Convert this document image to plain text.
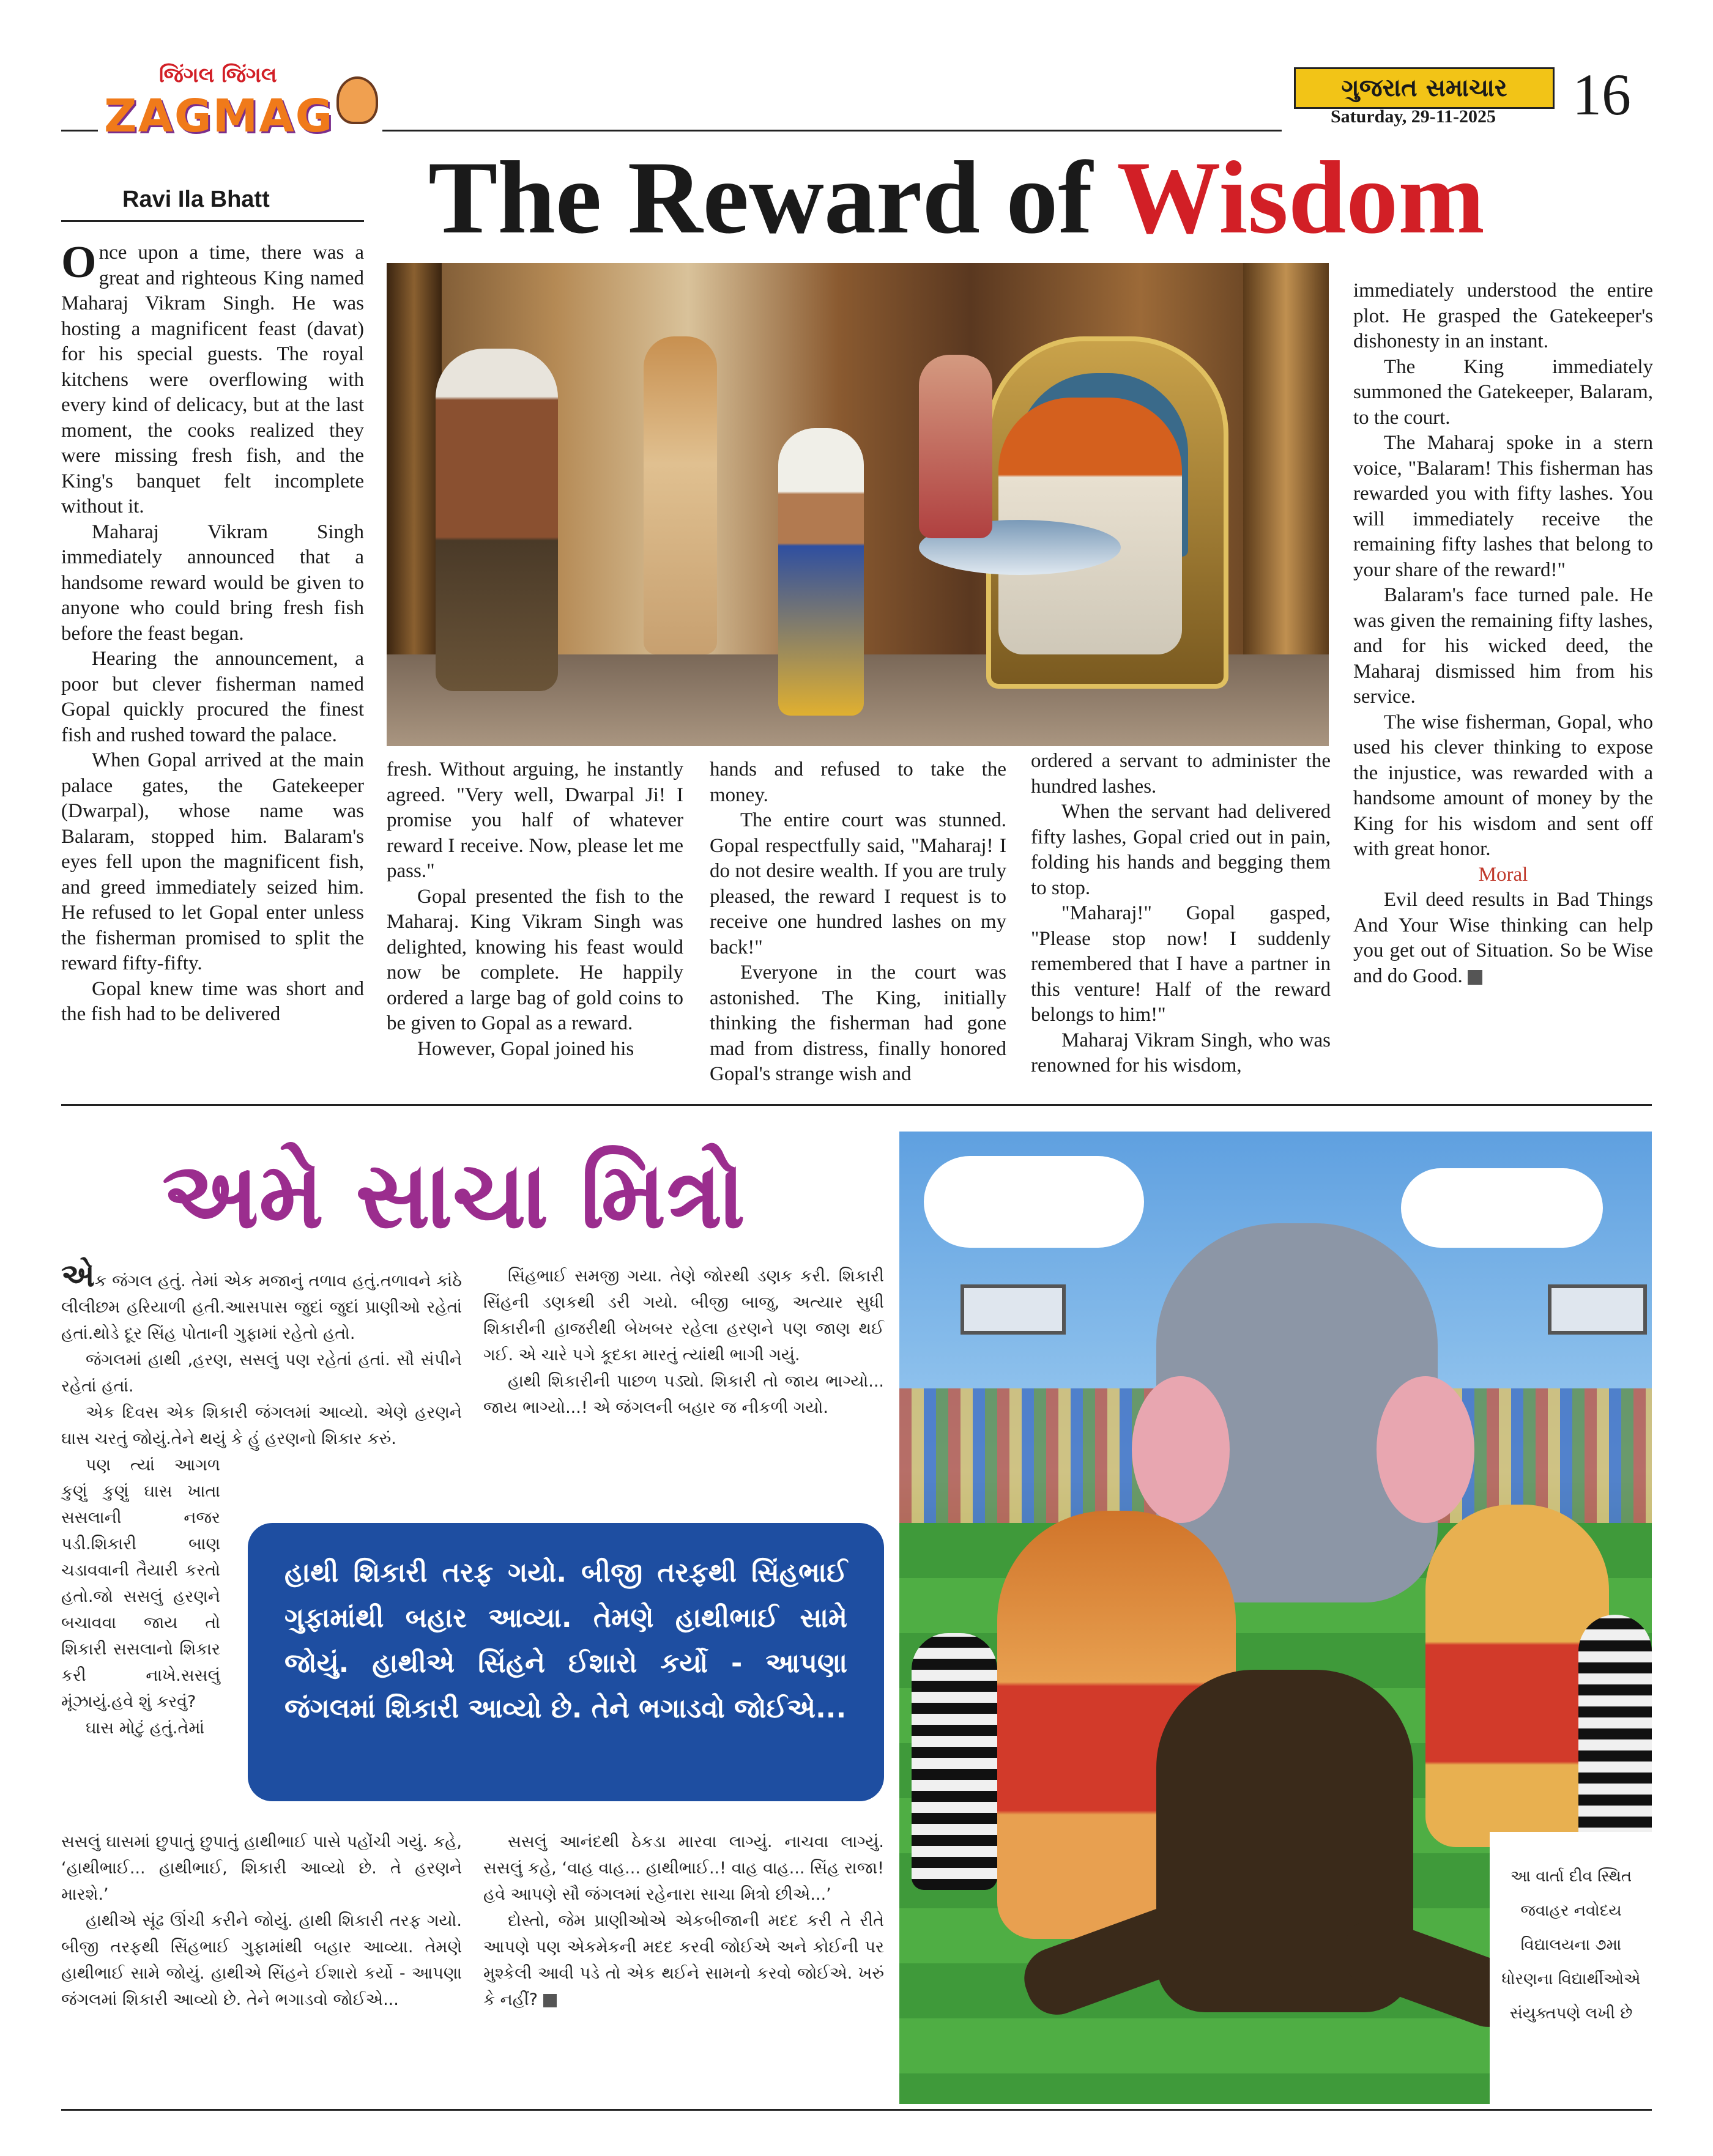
જિંગલ જિંગલ
ZAGMAG
ગુજરાત સમાચાર
Saturday, 29-11-2025 16
Ravi Ila Bhatt The Reward of Wisdom

Once upon a time, there was a great and righteous King named Maharaj Vikram Singh. He was hosting a magnificent feast (davat) for his special guests. The royal kitchens were overflowing with every kind of delicacy, but at the last moment, the cooks realized they were missing fresh fish, and the King's banquet felt incomplete without it.

Maharaj Vikram Singh immediately announced that a handsome reward would be given to anyone who could bring fresh fish before the feast began.

Hearing the announcement, a poor but clever fisherman named Gopal quickly procured the finest fish and rushed toward the palace.

When Gopal arrived at the main palace gates, the Gatekeeper (Dwarpal), whose name was Balaram, stopped him. Balaram's eyes fell upon the magnificent fish, and greed immediately seized him. He refused to let Gopal enter unless the fisherman promised to split the reward fifty-fifty.

Gopal knew time was short and the fish had to be delivered

fresh. Without arguing, he instantly agreed. "Very well, Dwarpal Ji! I promise you half of whatever reward I receive. Now, please let me pass."

Gopal presented the fish to the Maharaj. King Vikram Singh was delighted, knowing his feast would now be complete. He happily ordered a large bag of gold coins to be given to Gopal as a reward.

However, Gopal joined his

hands and refused to take the money.

The entire court was stunned. Gopal respectfully said, "Maharaj! I do not desire wealth. If you are truly pleased, the reward I request is to receive one hundred lashes on my back!"

Everyone in the court was astonished. The King, initially thinking the fisherman had gone mad from distress, finally honored Gopal's strange wish and

ordered a servant to administer the hundred lashes.

When the servant had delivered fifty lashes, Gopal cried out in pain, folding his hands and begging them to stop.

"Maharaj!" Gopal gasped, "Please stop now! I suddenly remembered that I have a partner in this venture! Half of the reward belongs to him!"

Maharaj Vikram Singh, who was renowned for his wisdom,

immediately understood the entire plot. He grasped the Gatekeeper's dishonesty in an instant.

The King immediately summoned the Gatekeeper, Balaram, to the court.

The Maharaj spoke in a stern voice, "Balaram! This fisherman has rewarded you with fifty lashes. You will immediately receive the remaining fifty lashes that belong to your share of the reward!"

Balaram's face turned pale. He was given the remaining fifty lashes, and for his wicked deed, the Maharaj dismissed him from his service.

The wise fisherman, Gopal, who used his clever thinking to expose the injustice, was rewarded with a handsome amount of money by the King for his wisdom and sent off with great honor.

Moral

Evil deed results in Bad Things And Your Wise thinking can help you get out of Situation. So be Wise and do Good.

અમે સાચા મિત્રો

એક જંગલ હતું. તેમાં એક મજાનું તળાવ હતું.તળાવને કાંઠે લીલીછમ હરિયાળી હતી.આસપાસ જુદાં જુદાં પ્રાણીઓ રહેતાં હતાં.થોડે દૂર સિંહ પોતાની ગુફામાં રહેતો હતો.

જંગલમાં હાથી ,હરણ, સસલું પણ રહેતાં હતાં. સૌ સંપીને રહેતાં હતાં.

એક દિવસ એક શિકારી જંગલમાં આવ્યો. એણે હરણને ઘાસ ચરતું જોયું.તેને થયું કે હું હરણનો શિકાર કરું.

પણ ત્યાં આગળ કુણું કુણું ઘાસ ખાતા સસલાની નજર પડી.શિકારી બાણ ચડાવવાની તૈયારી કરતો હતો.જો સસલું હરણને બચાવવા જાય તો શિકારી સસલાનો શિકાર કરી નાખે.સસલું મૂંઝાયું.હવે શું કરવું?

ઘાસ મોટું હતું.તેમાં

સસલું ઘાસમાં છુપાતું છુપાતું હાથીભાઈ પાસે પહોંચી ગયું. કહે, ‘હાથીભાઈ... હાથીભાઈ, શિકારી આવ્યો છે. તે હરણને મારશે.’

હાથીએ સૂંઢ ઊંચી કરીને જોયું. હાથી શિકારી તરફ ગયો. બીજી તરફથી સિંહભાઈ ગુફામાંથી બહાર આવ્યા. તેમણે હાથીભાઈ સામે જોયું. હાથીએ સિંહને ઈશારો કર્યો - આપણા જંગલમાં શિકારી આવ્યો છે. તેને ભગાડવો જોઈએ...

સિંહભાઈ સમજી ગયા. તેણે જોરથી ડણક કરી. શિકારી સિંહની ડણકથી ડરી ગયો. બીજી બાજુ, અત્યાર સુધી શિકારીની હાજરીથી બેખબર રહેલા હરણને પણ જાણ થઈ ગઈ. એ ચારે પગે કૂદકા મારતું ત્યાંથી ભાગી ગયું.

હાથી શિકારીની પાછળ પડ્યો. શિકારી તો જાય ભાગ્યો... જાય ભાગ્યો...! એ જંગલની બહાર જ નીકળી ગયો.

સસલું આનંદથી ઠેકડા મારવા લાગ્યું. નાચવા લાગ્યું. સસલું કહે, ‘વાહ વાહ... હાથીભાઈ..! વાહ વાહ... સિંહ રાજા! હવે આપણે સૌ જંગલમાં રહેનારા સાચા મિત્રો છીએ...’

દોસ્તો, જેમ પ્રાણીઓએ એકબીજાની મદદ કરી તે રીતે આપણે પણ એકમેકની મદદ કરવી જોઈએ અને કોઈની પર મુશ્કેલી આવી પડે તો એક થઈને સામનો કરવો જોઈએ. ખરું કે નહીં?

હાથી શિકારી તરફ ગયો. બીજી તરફથી સિંહભાઈ ગુફામાંથી બહાર આવ્યા. તેમણે હાથીભાઈ સામે જોયું. હાથીએ સિંહને ઈશારો કર્યો - આપણા જંગલમાં શિકારી આવ્યો છે. તેને ભગાડવો જોઈએ...
આ વાર્તા દીવ સ્થિત જવાહર નવોદય વિદ્યાલયના ૭મા ધોરણના વિદ્યાર્થીઓએ સંયુક્તપણે લખી છે
